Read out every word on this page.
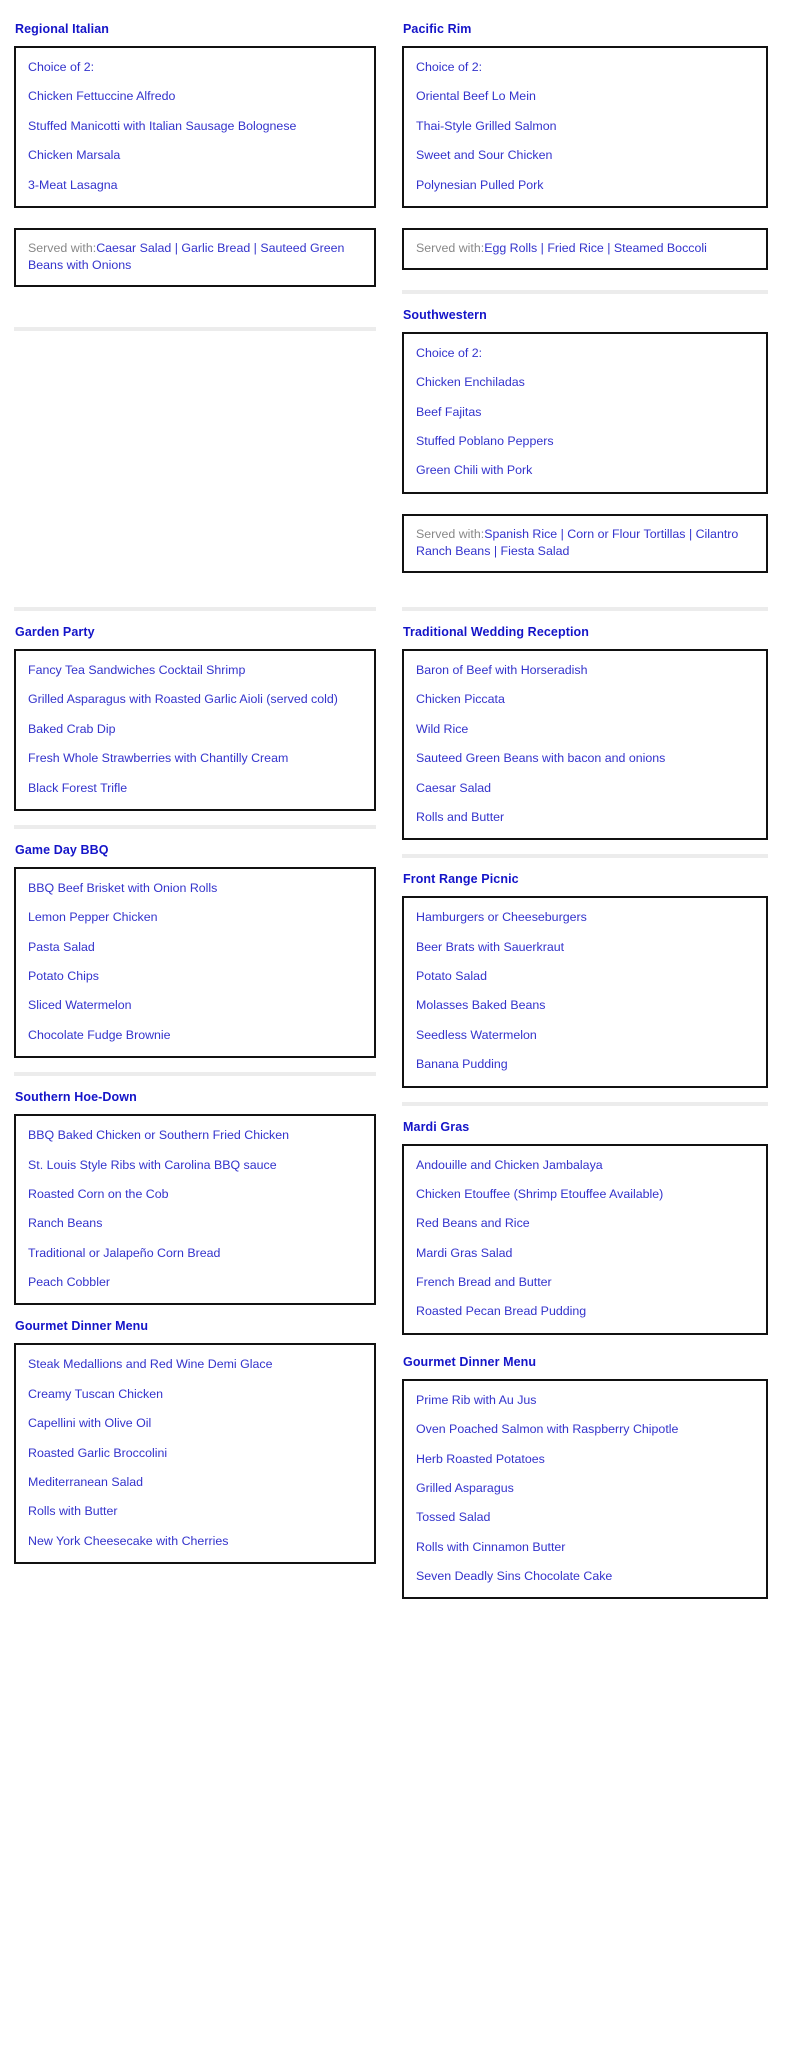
Regional Italian
Choice of 2:
Chicken Fettuccine Alfredo
Stuffed Manicotti with Italian Sausage Bolognese
Chicken Marsala
3-Meat Lasagna
Served with:Caesar Salad | Garlic Bread | Sauteed Green Beans with Onions
Pacific Rim
Choice of 2:
Oriental Beef Lo Mein
Thai-Style Grilled Salmon
Sweet and Sour Chicken
Polynesian Pulled Pork
Served with:Egg Rolls | Fried Rice | Steamed Boccoli
Southwestern
Choice of 2:
Chicken Enchiladas
Beef Fajitas
Stuffed Poblano Peppers
Green Chili with Pork
Served with:Spanish Rice | Corn or Flour Tortillas | Cilantro Ranch Beans | Fiesta Salad
Garden Party
Fancy Tea Sandwiches Cocktail Shrimp
Grilled Asparagus with Roasted Garlic Aioli (served cold)
Baked Crab Dip
Fresh Whole Strawberries with Chantilly Cream
Black Forest Trifle
Game Day BBQ
BBQ Beef Brisket with Onion Rolls
Lemon Pepper Chicken
Pasta Salad
Potato Chips
Sliced Watermelon
Chocolate Fudge Brownie
Southern Hoe-Down
BBQ Baked Chicken or Southern Fried Chicken
St. Louis Style Ribs with Carolina BBQ sauce
Roasted Corn on the Cob
Ranch Beans
Traditional or Jalapeño Corn Bread
Peach Cobbler
Gourmet Dinner Menu
Steak Medallions and Red Wine Demi Glace
Creamy Tuscan Chicken
Capellini with Olive Oil
Roasted Garlic Broccolini
Mediterranean Salad
Rolls with Butter
New York Cheesecake with Cherries
Traditional Wedding Reception
Baron of Beef with Horseradish
Chicken Piccata
Wild Rice
Sauteed Green Beans with bacon and onions
Caesar Salad
Rolls and Butter
Front Range Picnic
Hamburgers or Cheeseburgers
Beer Brats with Sauerkraut
Potato Salad
Molasses Baked Beans
Seedless Watermelon
Banana Pudding
Mardi Gras
Andouille and Chicken Jambalaya
Chicken Etouffee (Shrimp Etouffee Available)
Red Beans and Rice
Mardi Gras Salad
French Bread and Butter
Roasted Pecan Bread Pudding
Gourmet Dinner Menu
Prime Rib with Au Jus
Oven Poached Salmon with Raspberry Chipotle
Herb Roasted Potatoes
Grilled Asparagus
Tossed Salad
Rolls with Cinnamon Butter
Seven Deadly Sins Chocolate Cake
